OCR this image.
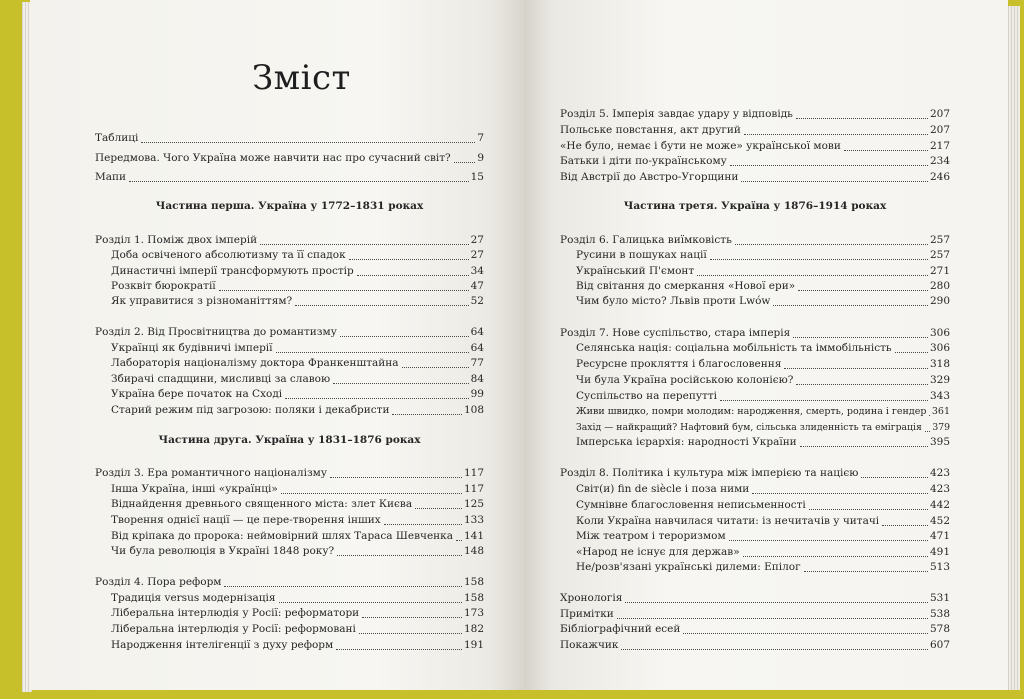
Зміст
Таблиці	7
Передмова. Чого Україна може навчити нас про сучасний світ?	9
Мапи	15
Частина перша. Україна у 1772–1831 роках
Розділ 1. Поміж двох імперій	27
Доба освіченого абсолютизму та її спадок	27
Династичні імперії трансформують простір	34
Розквіт бюрократії	47
Як управитися з різноманіттям?	52
Розділ 2. Від Просвітництва до романтизму	64
Українці як будівничі імперії	64
Лабораторія націоналізму доктора Франкенштайна	77
Збирачі спадщини, мисливці за славою	84
Україна бере початок на Сході	99
Старий режим під загрозою: поляки і декабристи	108
Частина друга. Україна у 1831–1876 роках
Розділ 3. Ера романтичного націоналізму	117
Інша Україна, інші «українці»	117
Віднайдення древнього священного міста: злет Києва	125
Творення однієї нації — це пере-творення інших	133
Від кріпака до пророка: неймовірний шлях Тараса Шевченка 141
Чи була революція в Україні 1848 року?	148
Розділ 4. Пора реформ	158
Традиція versus модернізація	158
Ліберальна інтерлюдія у Росії: реформатори	173
Ліберальна інтерлюдія у Росії: реформовані	182
Народження інтелігенції з духу реформ	191
Розділ 5. Імперія завдає удару у відповідь	207
Польське повстання, акт другий	207
«Не було, немає і бути не може» української мови	217
Батьки і діти по-українському	234
Від Австрії до Австро-Угорщини	246
Частина третя. Україна у 1876–1914 роках
Розділ 6. Галицька виїмковість	257
Русини в пошуках нації	257
Український П'ємонт	271
Від світання до смеркання «Нової ери»	280
Чим було місто? Львів проти Lwów	290
Розділ 7. Нове суспільство, стара імперія	306
Селянська нація: соціальна мобільність та іммобільність	306
Ресурсне прокляття і благословення	318
Чи була Україна російською колонією?	329
Суспільство на перепутті	343
Живи швидко, помри молодим: народження, смерть, родина і гендер 361
Захід — найкращий? Нафтовий бум, сільська злиденність та еміграція 379
Імперська ієрархія: народності України	395
Розділ 8. Політика і культура між імперією та нацією	423
Світ(и) fin de siècle і поза ними	423
Сумнівне благословення неписьменності	442
Коли Україна навчилася читати: із нечитачів у читачі	452
Між театром і тероризмом	471
«Народ не існує для держав»	491
Не/розв'язані українські дилеми: Епілог	513
Хронологія	531
Примітки	538
Бібліографічний есей	578
Покажчик	607
